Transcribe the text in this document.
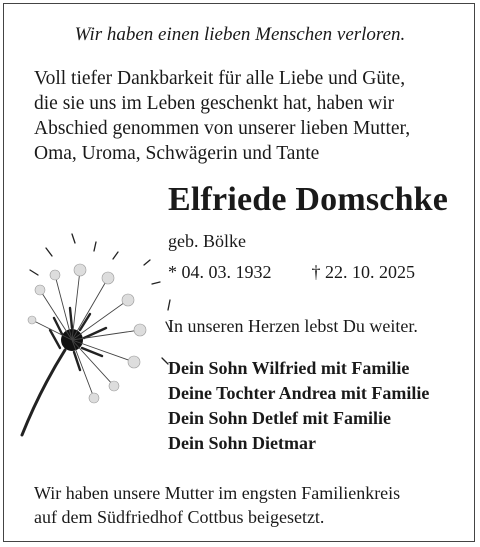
Wir haben einen lieben Menschen verloren.
Voll tiefer Dankbarkeit für alle Liebe und Güte,
die sie uns im Leben geschenkt hat, haben wir
Abschied genommen von unserer lieben Mutter,
Oma, Uroma, Schwägerin und Tante
Elfriede Domschke
geb. Bölke
* 04. 03. 1932 † 22. 10. 2025
In unseren Herzen lebst Du weiter.
Dein Sohn Wilfried mit Familie
Deine Tochter Andrea mit Familie
Dein Sohn Detlef mit Familie
Dein Sohn Dietmar
Wir haben unsere Mutter im engsten Familienkreis
auf dem Südfriedhof Cottbus beigesetzt.
